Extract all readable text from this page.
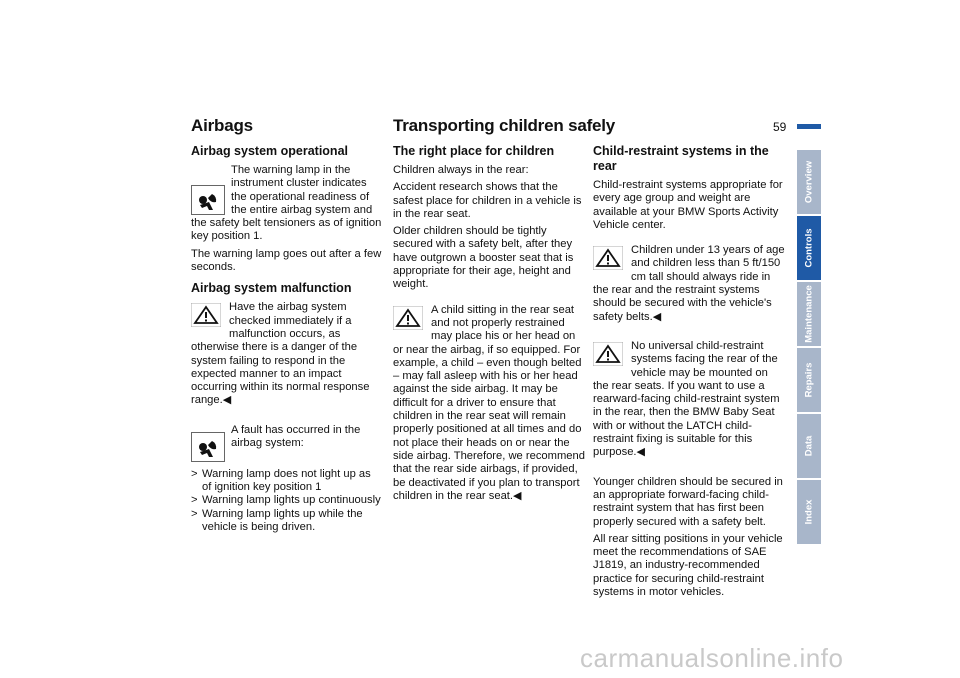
Airbags	Transporting children safely	59
Airbag system operational

The warning lamp in the instrument cluster indicates the operational readiness of the entire airbag system and the safety belt tensioners as of ignition key position 1.

The warning lamp goes out after a few seconds.

Airbag system malfunction

Have the airbag system checked immediately if a malfunction occurs, as otherwise there is a danger of the system failing to respond in the expected manner to an impact occurring within its normal response range.◀

A fault has occurred in the airbag system:

> Warning lamp does not light up as of ignition key position 1
> Warning lamp lights up continuously
> Warning lamp lights up while the vehicle is being driven.
The right place for children

Children always in the rear:

Accident research shows that the safest place for children in a vehicle is in the rear seat.

Older children should be tightly secured with a safety belt, after they have outgrown a booster seat that is appropriate for their age, height and weight.

A child sitting in the rear seat and not properly restrained may place his or her head on or near the airbag, if so equipped. For example, a child – even though belted – may fall asleep with his or her head against the side airbag. It may be difficult for a driver to ensure that children in the rear seat will remain properly positioned at all times and do not place their heads on or near the side airbag. Therefore, we recommend that the rear side airbags, if provided, be deactivated if you plan to transport children in the rear seat.◀

Child-restraint systems in the rear

Child-restraint systems appropriate for every age group and weight are available at your BMW Sports Activity Vehicle center.

Children under 13 years of age and children less than 5 ft/150 cm tall should always ride in the rear and the restraint systems should be secured with the vehicle's safety belts.◀

No universal child-restraint systems facing the rear of the vehicle may be mounted on the rear seats. If you want to use a rearward-facing child-restraint system in the rear, then the BMW Baby Seat with or without the LATCH child-restraint fixing is suitable for this purpose.◀

Younger children should be secured in an appropriate forward-facing child-restraint system that has first been properly secured with a safety belt.

All rear sitting positions in your vehicle meet the recommendations of SAE J1819, an industry-recommended practice for securing child-restraint systems in motor vehicles.

Overview
Controls
Maintenance
Repairs
Data
Index
carmanualsonline.info
